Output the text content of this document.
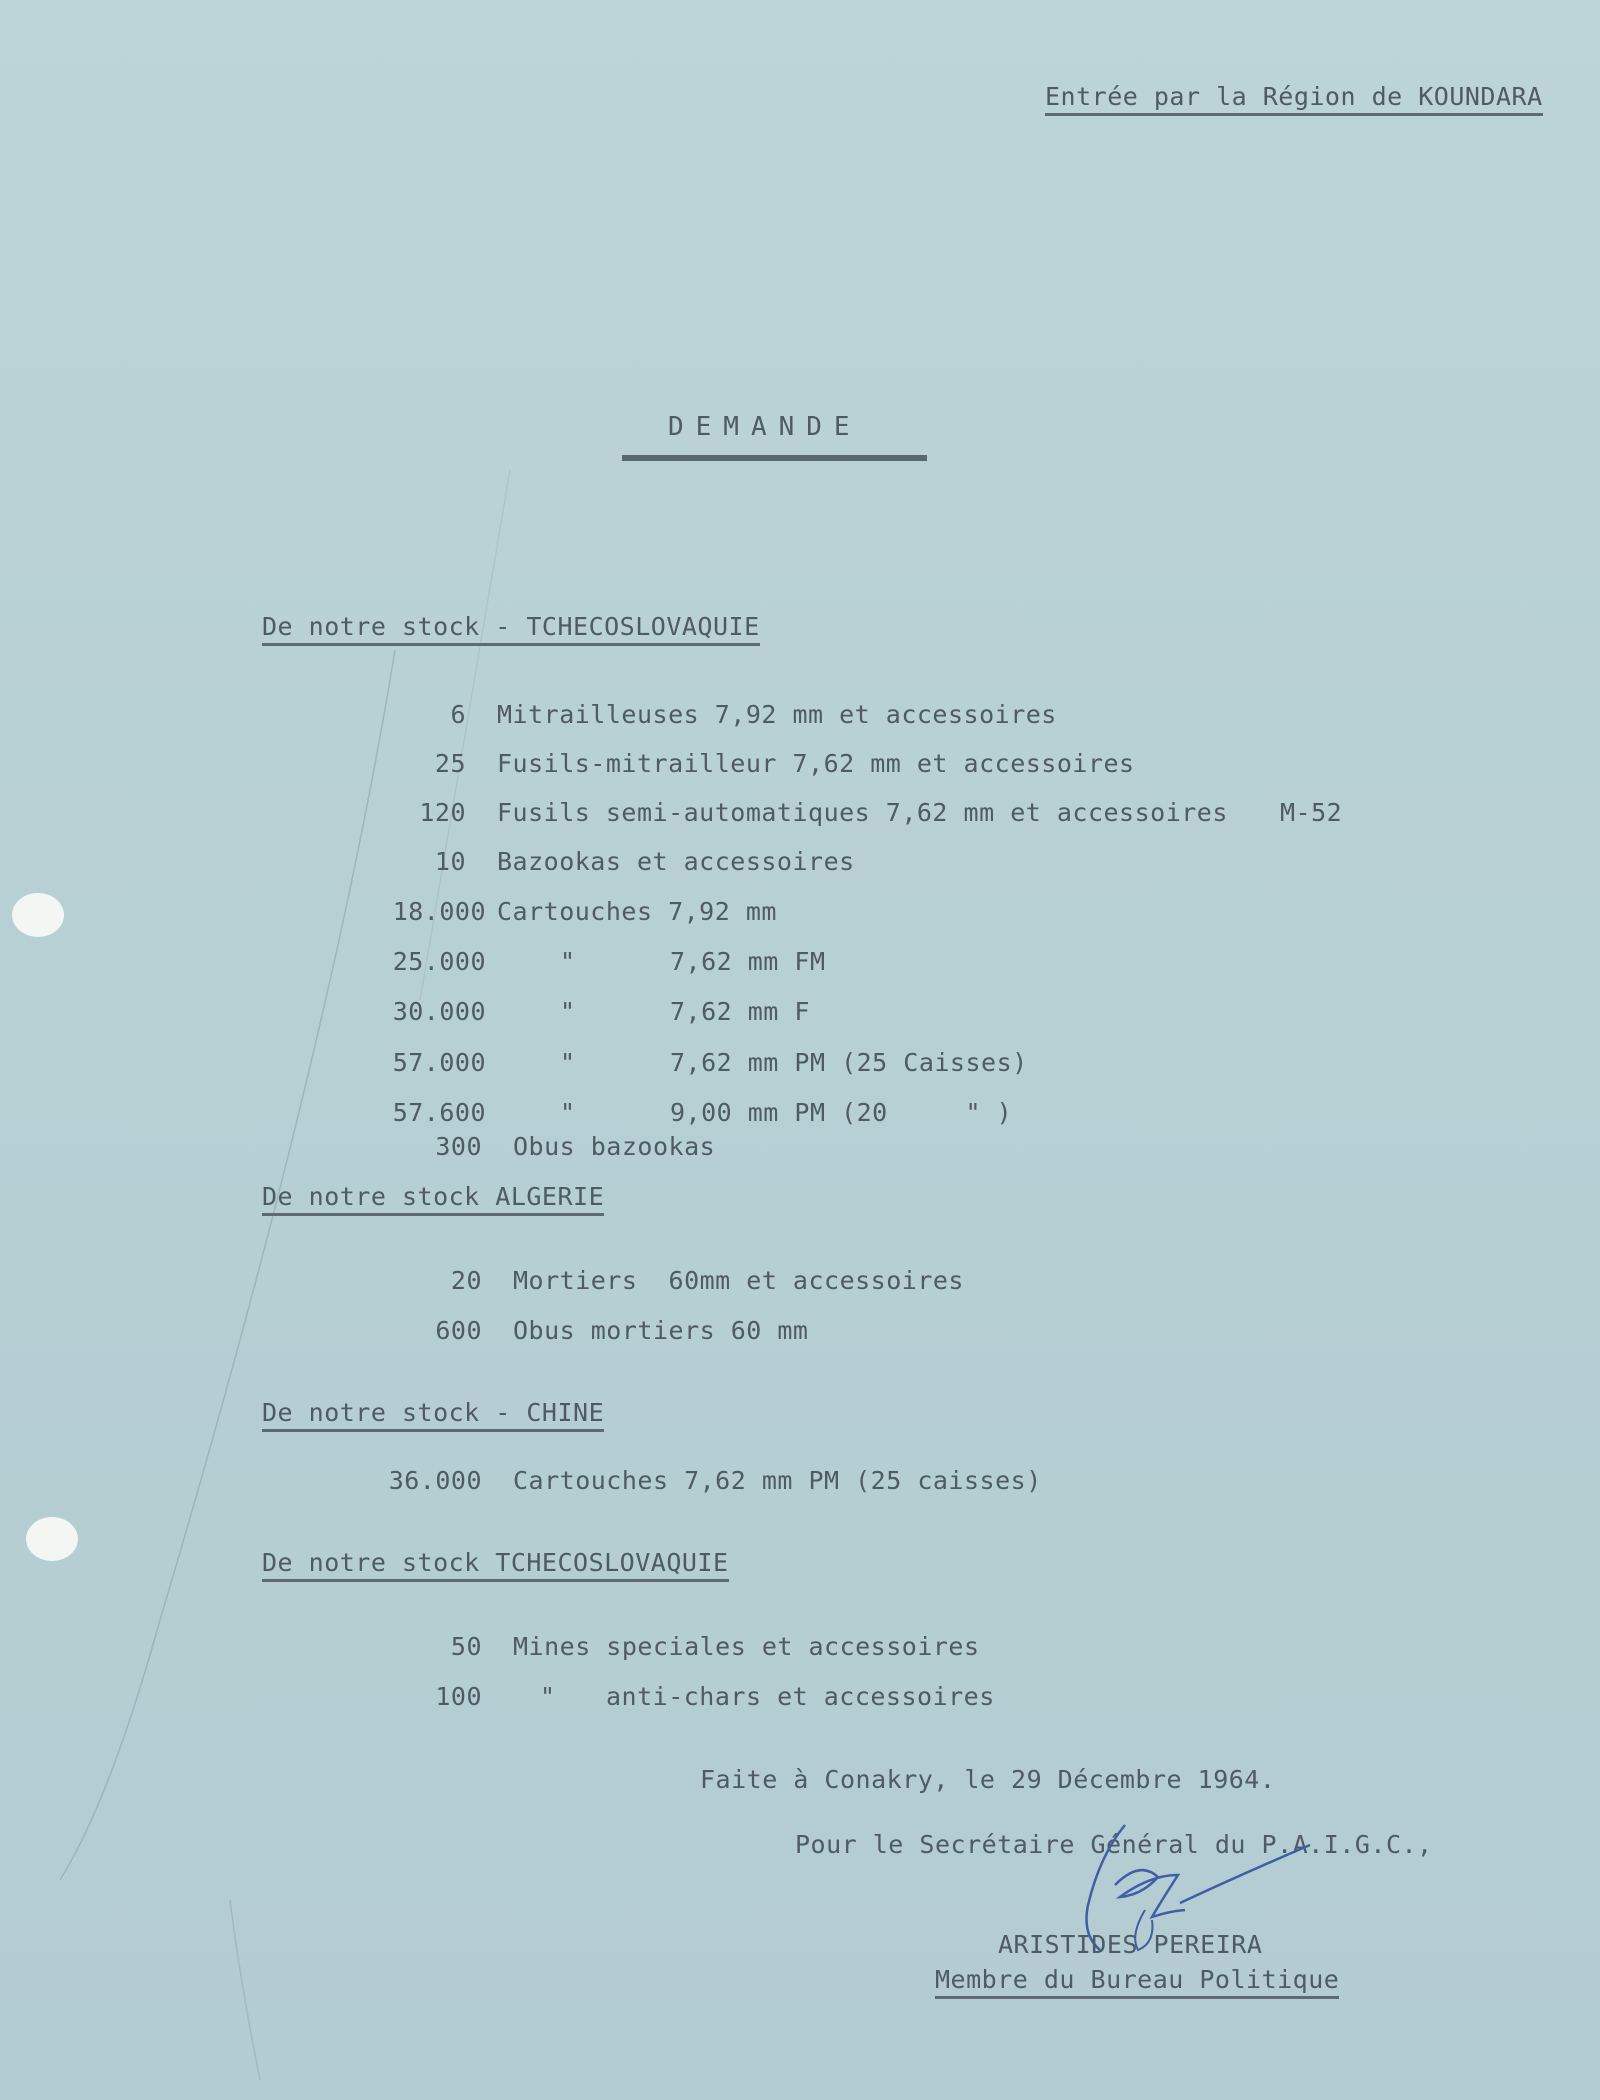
Entrée par la Région de KOUNDARA
DEMANDE
De notre stock - TCHECOSLOVAQUIE
6 Mitrailleuses 7,92 mm et accessoires
25 Fusils-mitrailleur 7,62 mm et accessoires
120 Fusils semi-automatiques 7,62 mm et accessoires M-52
10 Bazookas et accessoires
18.000 Cartouches 7,92 mm
25.000	"	7,62 mm FM
30.000	"	7,62 mm F
57.000	"	7,62 mm PM (25 Caisses)
57.600	"	9,00 mm PM (20     " )
300 Obus bazookas
De notre stock ALGERIE
20 Mortiers  60mm et accessoires
600 Obus mortiers 60 mm
De notre stock - CHINE
36.000 Cartouches 7,62 mm PM (25 caisses)
De notre stock TCHECOSLOVAQUIE
50 Mines speciales et accessoires
100 " anti-chars et accessoires
Faite à Conakry, le 29 Décembre 1964.
Pour le Secrétaire Général du P.A.I.G.C.,
ARISTIDES PEREIRA
Membre du Bureau Politique
